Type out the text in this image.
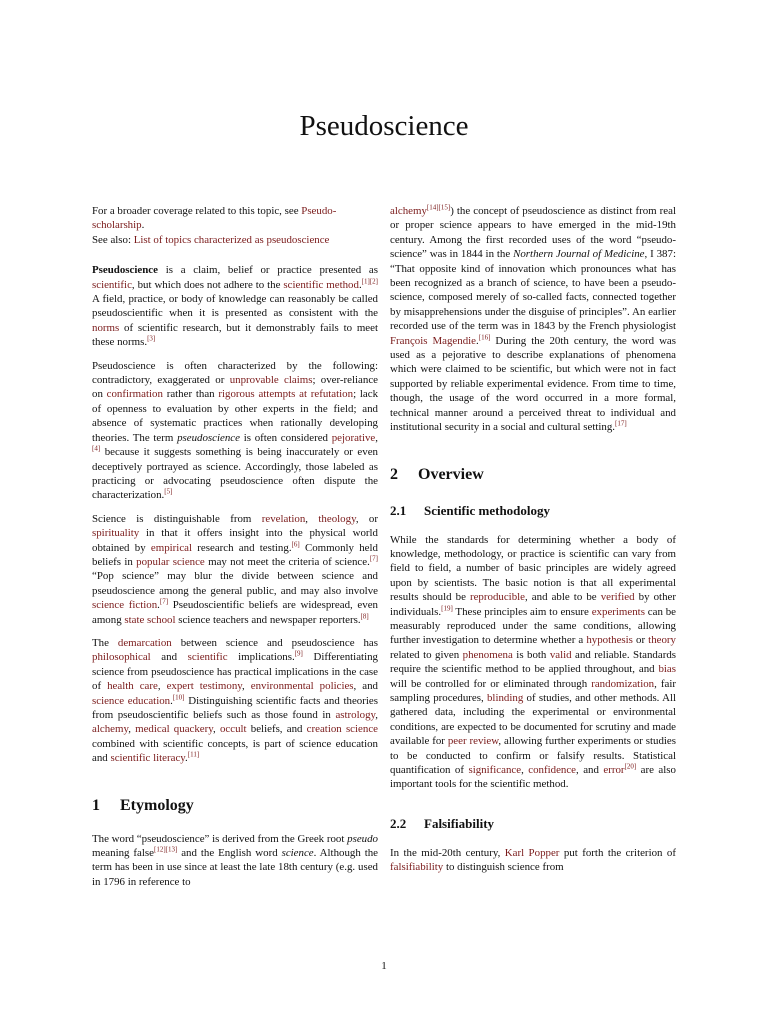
Pseudoscience

For a broader coverage related to this topic, see Pseudo-scholarship.

See also: List of topics characterized as pseudoscience

Pseudoscience is a claim, belief or practice presented as scientific, but which does not adhere to the scientific method.[1][2] A field, practice, or body of knowledge can reasonably be called pseudoscientific when it is presented as consistent with the norms of scientific research, but it demonstrably fails to meet these norms.[3]

Pseudoscience is often characterized by the following: contradictory, exaggerated or unprovable claims; over-reliance on confirmation rather than rigorous attempts at refutation; lack of openness to evaluation by other experts in the field; and absence of systematic practices when rationally developing theories. The term pseudoscience is often considered pejorative,[4] because it suggests something is being inaccurately or even deceptively portrayed as science. Accordingly, those labeled as practicing or advocating pseudoscience often dispute the characterization.[5]

Science is distinguishable from revelation, theology, or spirituality in that it offers insight into the physical world obtained by empirical research and testing.[6] Commonly held beliefs in popular science may not meet the criteria of science.[7] “Pop science” may blur the divide between science and pseudoscience among the general public, and may also involve science fiction.[7] Pseudoscientific beliefs are widespread, even among state school science teachers and newspaper reporters.[8]

The demarcation between science and pseudoscience has philosophical and scientific implications.[9] Differentiating science from pseudoscience has practical implications in the case of health care, expert testimony, environmental policies, and science education.[10] Distinguishing scientific facts and theories from pseudoscientific beliefs such as those found in astrology, alchemy, medical quackery, occult beliefs, and creation science combined with scientific concepts, is part of science education and scientific literacy.[11]

1 Etymology

The word “pseudoscience” is derived from the Greek root pseudo meaning false[12][13] and the English word science. Although the term has been in use since at least the late 18th century (e.g. used in 1796 in reference to

alchemy[14][15]) the concept of pseudoscience as distinct from real or proper science appears to have emerged in the mid-19th century. Among the first recorded uses of the word “pseudo-science” was in 1844 in the Northern Journal of Medicine, I 387: “That opposite kind of innovation which pronounces what has been recognized as a branch of science, to have been a pseudo-science, composed merely of so-called facts, connected together by misapprehensions under the disguise of principles”. An earlier recorded use of the term was in 1843 by the French physiologist François Magendie.[16] During the 20th century, the word was used as a pejorative to describe explanations of phenomena which were claimed to be scientific, but which were not in fact supported by reliable experimental evidence. From time to time, though, the usage of the word occurred in a more formal, technical manner around a perceived threat to individual and institutional security in a social and cultural setting.[17]

2 Overview
2.1 Scientific methodology

While the standards for determining whether a body of knowledge, methodology, or practice is scientific can vary from field to field, a number of basic principles are widely agreed upon by scientists. The basic notion is that all experimental results should be reproducible, and able to be verified by other individuals.[19] These principles aim to ensure experiments can be measurably reproduced under the same conditions, allowing further investigation to determine whether a hypothesis or theory related to given phenomena is both valid and reliable. Standards require the scientific method to be applied throughout, and bias will be controlled for or eliminated through randomization, fair sampling procedures, blinding of studies, and other methods. All gathered data, including the experimental or environmental conditions, are expected to be documented for scrutiny and made available for peer review, allowing further experiments or studies to be conducted to confirm or falsify results. Statistical quantification of significance, confidence, and error[20] are also important tools for the scientific method.

2.2 Falsifiability

In the mid-20th century, Karl Popper put forth the criterion of falsifiability to distinguish science from

1
